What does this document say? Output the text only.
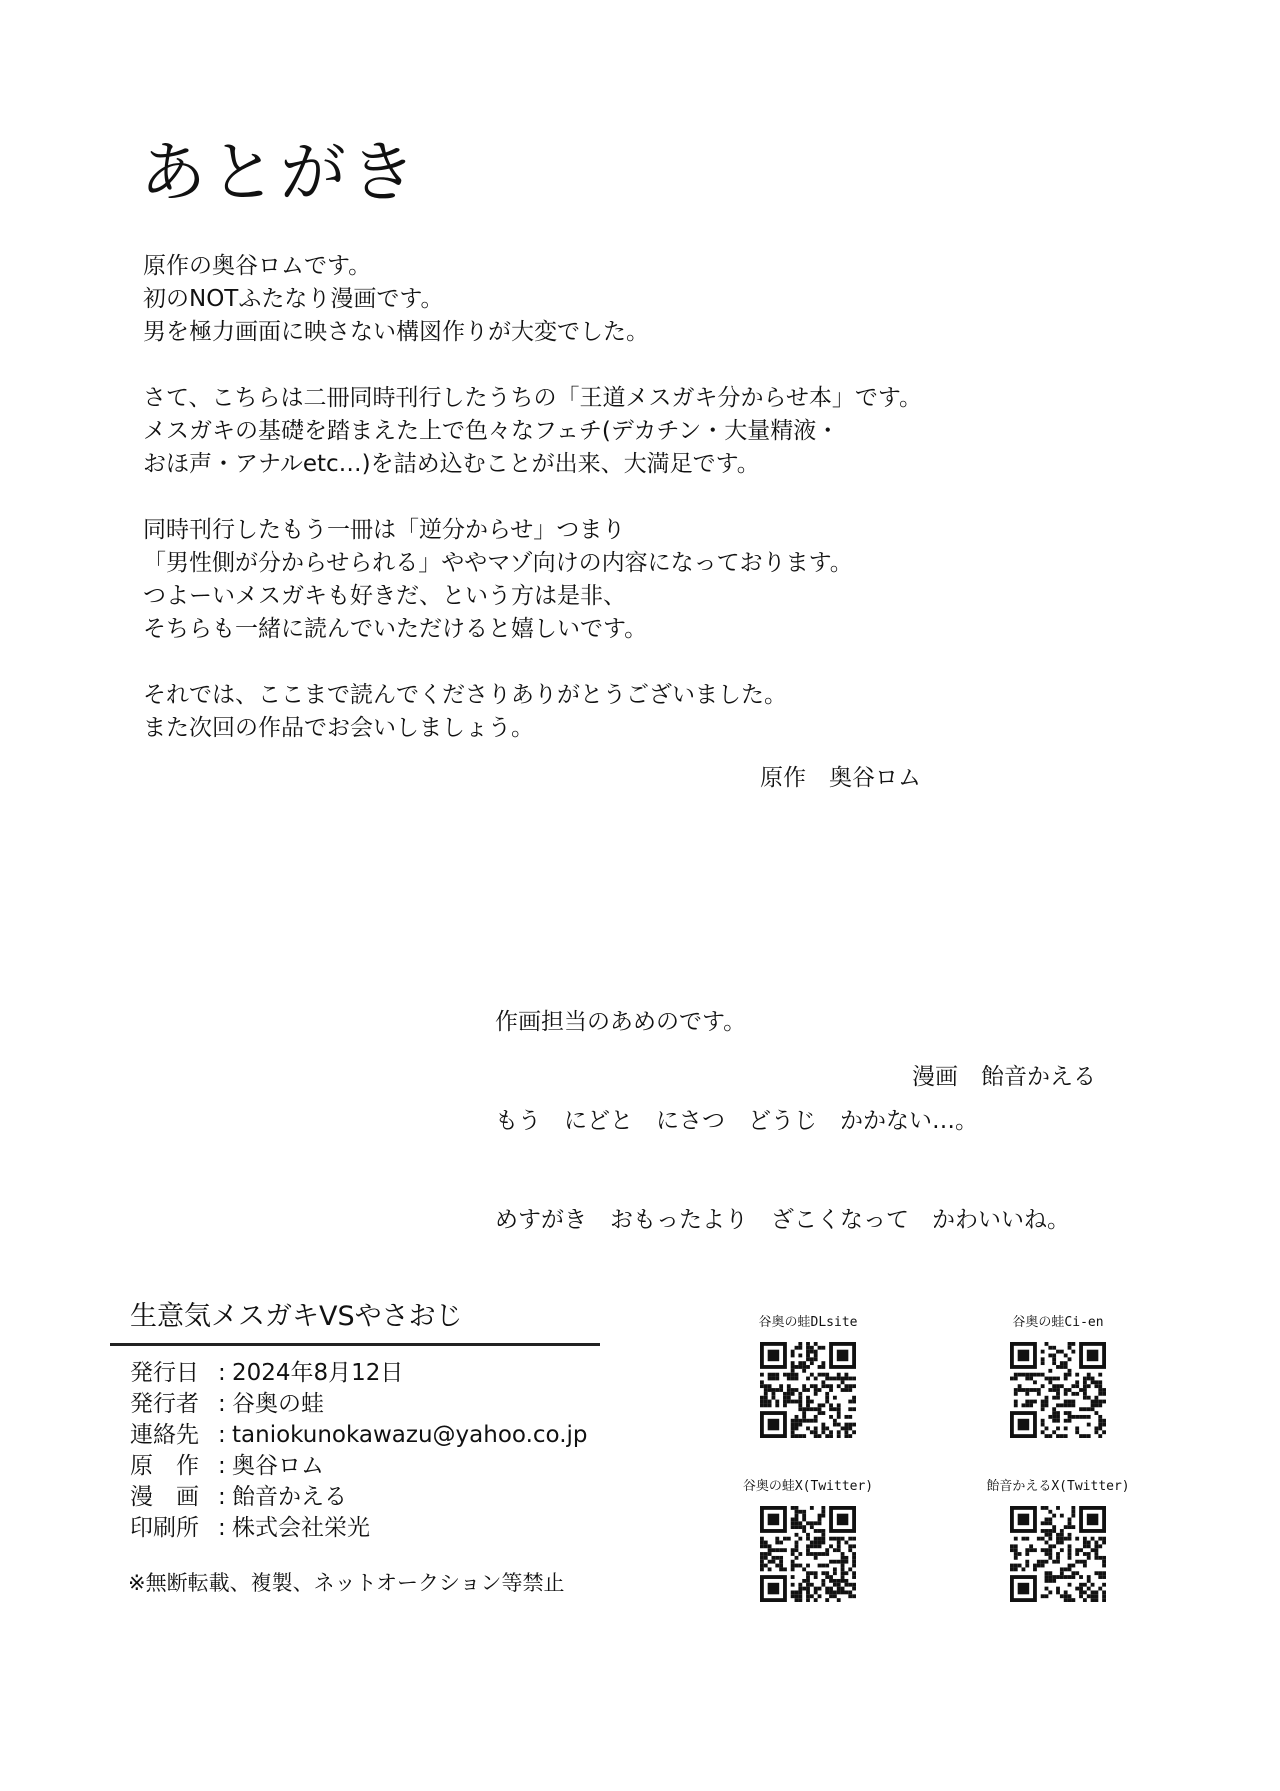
あとがき
原作の奥谷ロムです。
初のNOTふたなり漫画です。
男を極力画面に映さない構図作りが大変でした。
さて、こちらは二冊同時刊行したうちの「王道メスガキ分からせ本」です。
メスガキの基礎を踏まえた上で色々なフェチ(デカチン・大量精液・
おほ声・アナルetc…)を詰め込むことが出来、大満足です。
同時刊行したもう一冊は「逆分からせ」つまり
「男性側が分からせられる」ややマゾ向けの内容になっております。
つよーいメスガキも好きだ、という方は是非、
そちらも一緒に読んでいただけると嬉しいです。
それでは、ここまで読んでくださりありがとうございました。
また次回の作品でお会いしましょう。
原作　奥谷ロム

作画担当のあめのです。

もう　にどと　にさつ　どうじ　かかない…。

めすがき　おもったより　ざこくなって　かわいいね。

漫画　飴音かえる
生意気メスガキVSやさおじ
発行日 : 2024年8月12日
発行者 : 谷奥の蛙
連絡先 : taniokunokawazu@yahoo.co.jp
原　作 : 奥谷ロム
漫　画 : 飴音かえる
印刷所 : 株式会社栄光
※無断転載、複製、ネットオークション等禁止
谷奥の蛙DLsite	谷奥の蛙Ci-en
谷奥の蛙X(Twitter)	飴音かえるX(Twitter)
